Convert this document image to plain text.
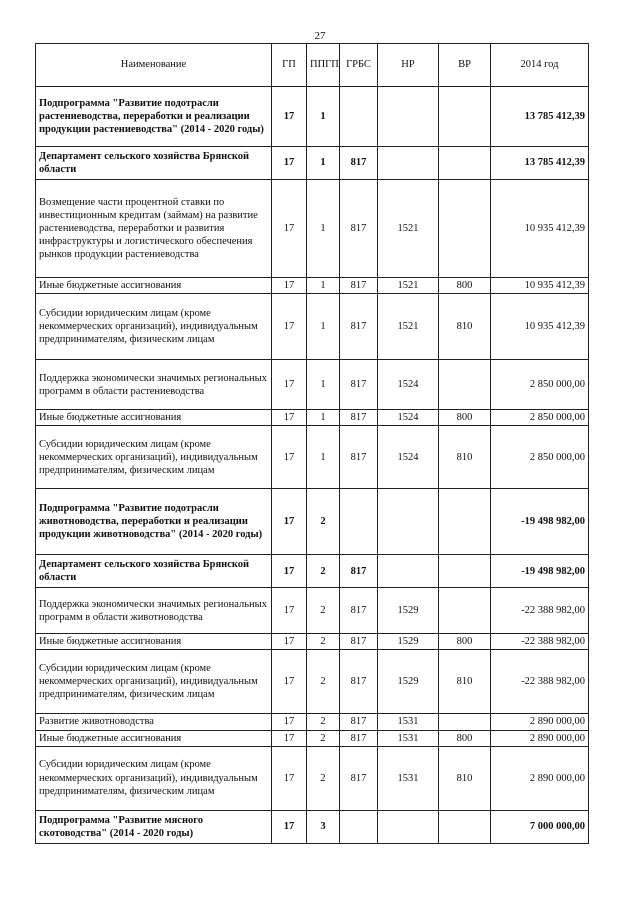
27
Наименование	ГП	ППГП	ГРБС	НР	ВР	2014 год
Подпрограмма "Развитие подотрасли растениеводства, переработки и реализации продукции растениеводства" (2014 - 2020 годы)	17	1				13 785 412,39
Департамент сельского хозяйства Брянской области	17	1	817			13 785 412,39
Возмещение части процентной ставки по инвестиционным кредитам (займам) на развитие растениеводства, переработки и развития инфраструктуры и логистического обеспечения рынков продукции растениеводства	17	1	817	1521		10 935 412,39
Иные бюджетные ассигнования	17	1	817	1521	800	10 935 412,39
Субсидии юридическим лицам (кроме некоммерческих организаций), индивидуальным предпринимателям, физическим лицам	17	1	817	1521	810	10 935 412,39
Поддержка экономически значимых региональных программ в области растениеводства	17	1	817	1524		2 850 000,00
Иные бюджетные ассигнования	17	1	817	1524	800	2 850 000,00
Субсидии юридическим лицам (кроме некоммерческих организаций), индивидуальным предпринимателям, физическим лицам	17	1	817	1524	810	2 850 000,00
Подпрограмма "Развитие подотрасли животноводства, переработки и реализации продукции животноводства" (2014 - 2020 годы)	17	2				-19 498 982,00
Департамент сельского хозяйства Брянской области	17	2	817			-19 498 982,00
Поддержка экономически значимых региональных программ в области животноводства	17	2	817	1529		-22 388 982,00
Иные бюджетные ассигнования	17	2	817	1529	800	-22 388 982,00
Субсидии юридическим лицам (кроме некоммерческих организаций), индивидуальным предпринимателям, физическим лицам	17	2	817	1529	810	-22 388 982,00
Развитие животноводства	17	2	817	1531		2 890 000,00
Иные бюджетные ассигнования	17	2	817	1531	800	2 890 000,00
Субсидии юридическим лицам (кроме некоммерческих организаций), индивидуальным предпринимателям, физическим лицам	17	2	817	1531	810	2 890 000,00
Подпрограмма "Развитие мясного скотоводства" (2014 - 2020 годы)	17	3				7 000 000,00
